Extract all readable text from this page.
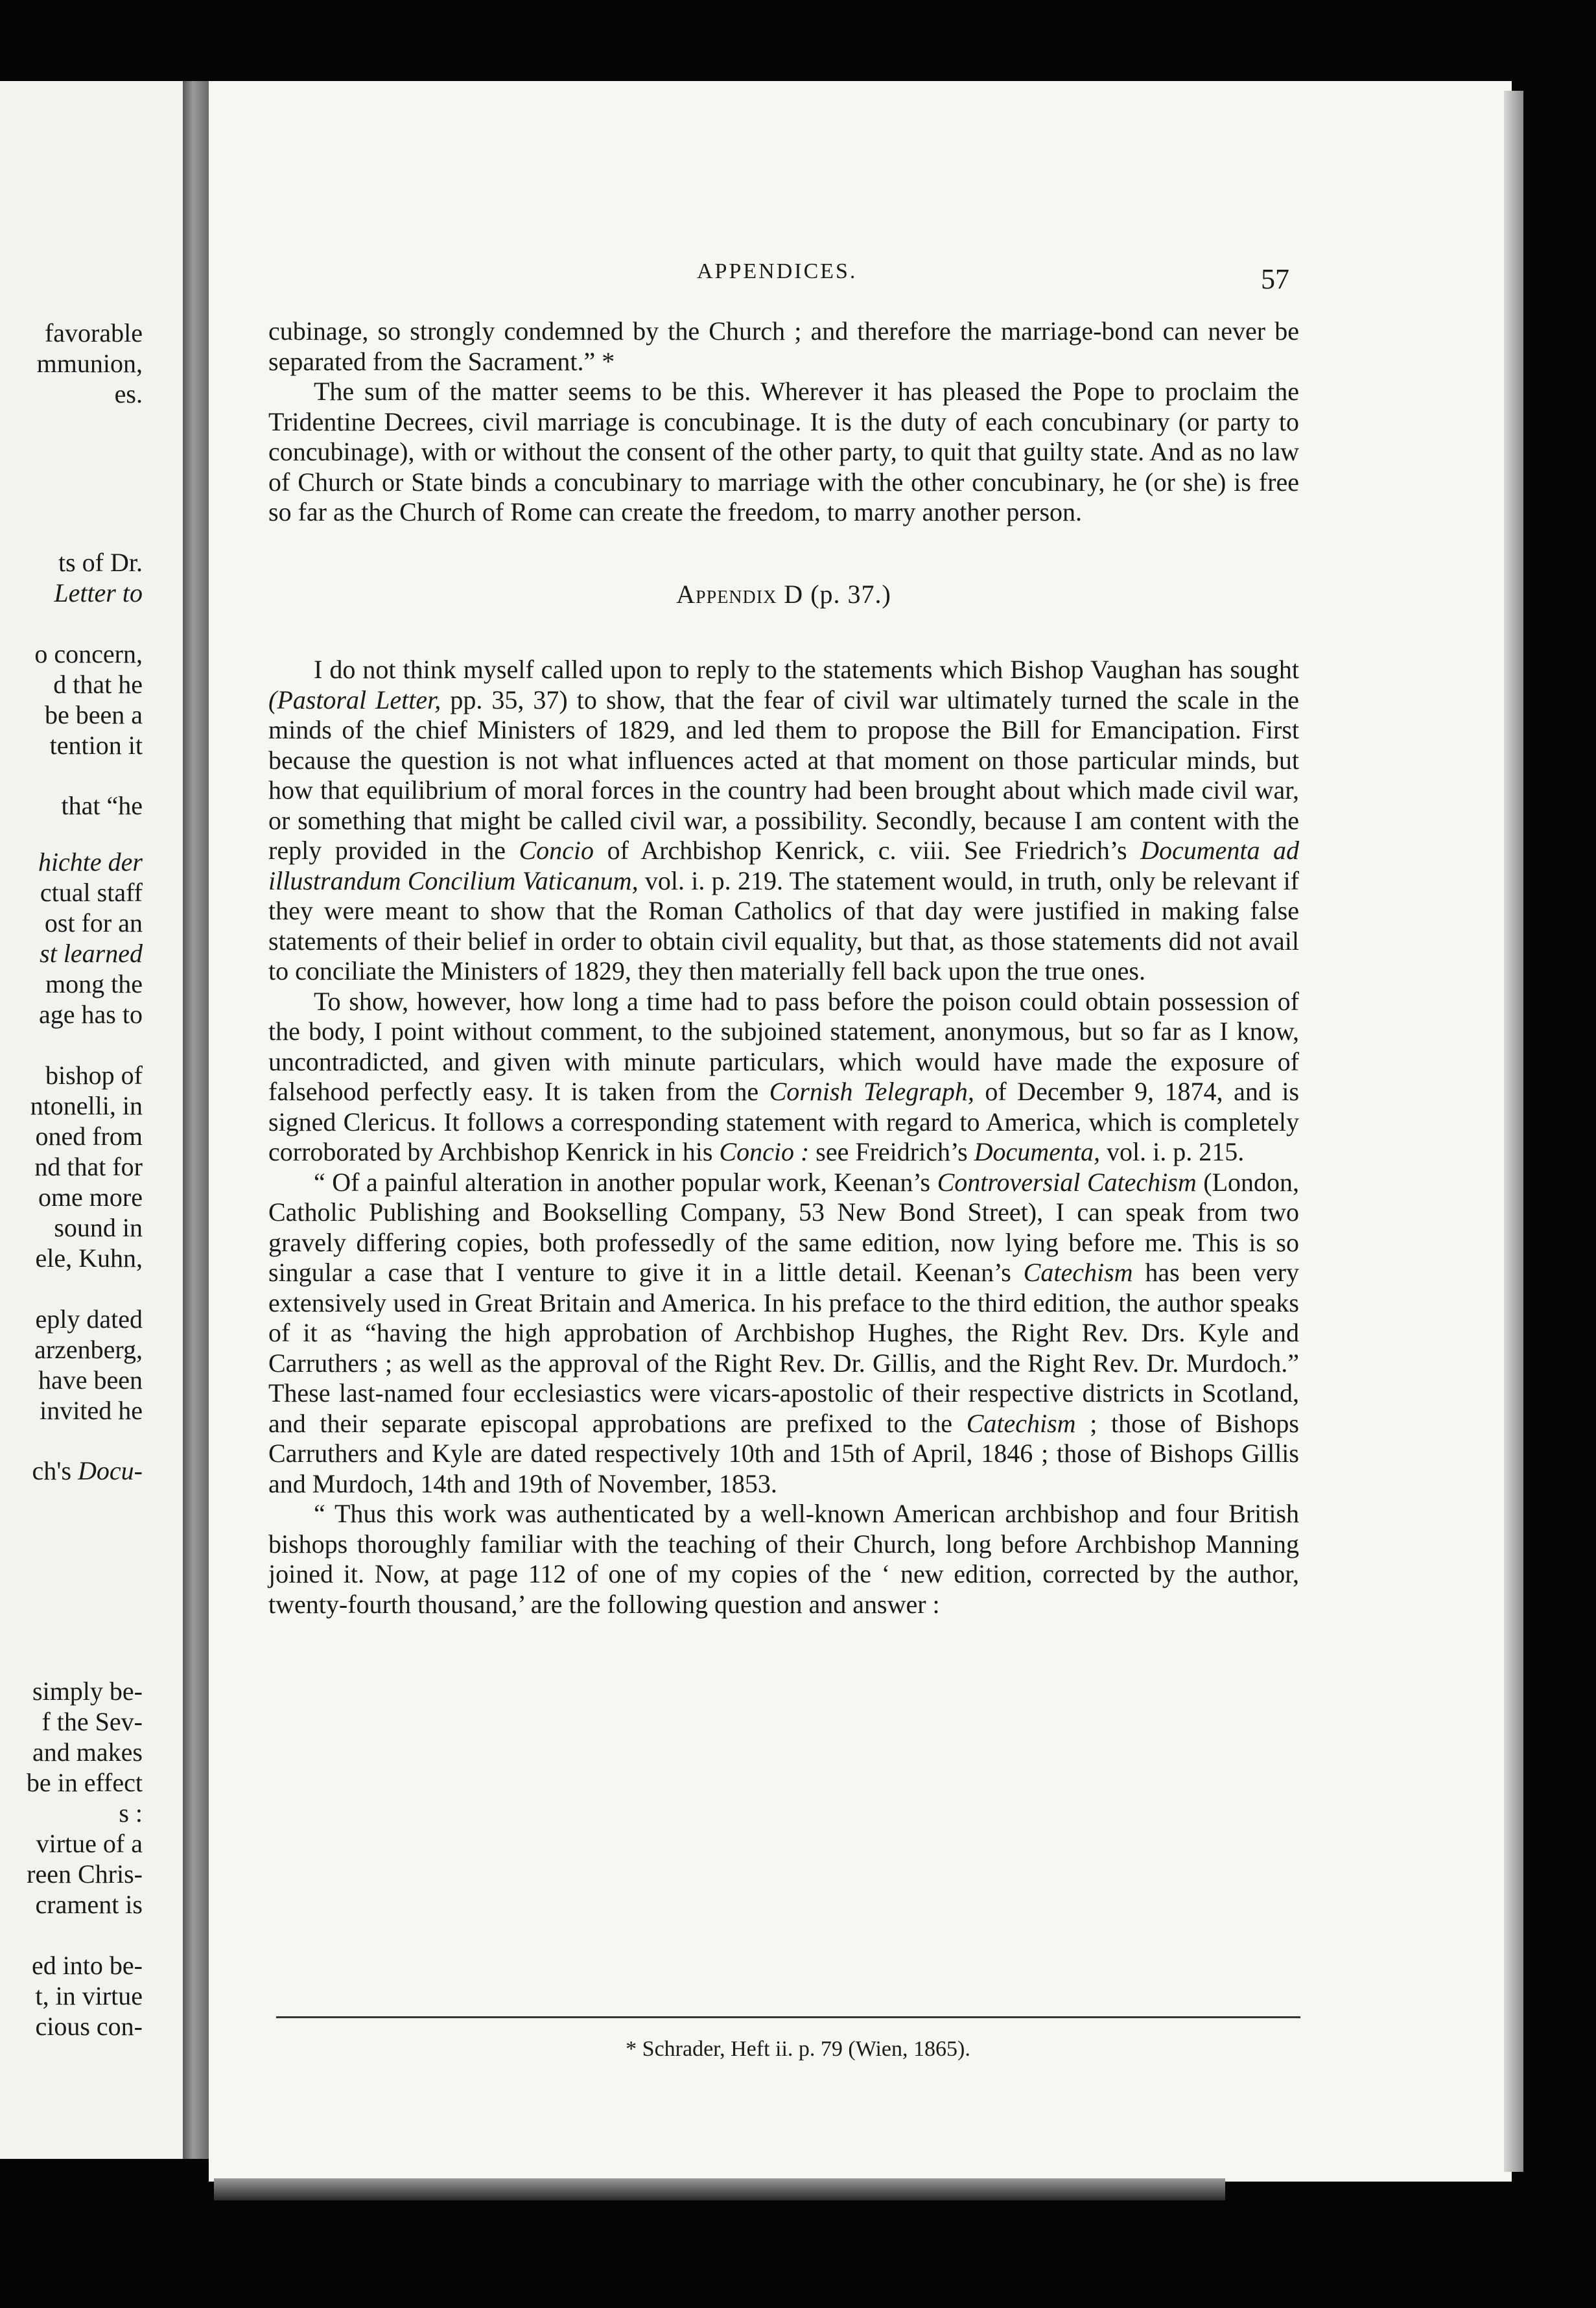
favorable
mmunion,
es.
ts of Dr.
Letter to
o concern,
d that he
be been a
tention it
that “he
hichte der
ctual staff
ost for an
st learned
mong the
age has to
bishop of
ntonelli, in
oned from
nd that for
ome more
sound in
ele, Kuhn,
eply dated
arzenberg,
have been
invited he
ch's Docu-
simply be-
f the Sev-
and makes
be in effect
s :
virtue of a
reen Chris-
crament is
ed into be-
t, in virtue
cious con-
APPENDICES.	57

cubinage, so strongly condemned by the Church ; and therefore the marriage-bond can never be separated from the Sacrament.” *

The sum of the matter seems to be this. Wherever it has pleased the Pope to proclaim the Tridentine Decrees, civil marriage is concubinage. It is the duty of each concubinary (or party to concubinage), with or without the consent of the other party, to quit that guilty state. And as no law of Church or State binds a concubinary to marriage with the other concubinary, he (or she) is free so far as the Church of Rome can create the freedom, to marry another person.

Appendix D (p. 37.)

I do not think myself called upon to reply to the statements which Bishop Vaughan has sought (Pastoral Letter, pp. 35, 37) to show, that the fear of civil war ultimately turned the scale in the minds of the chief Ministers of 1829, and led them to propose the Bill for Emancipation. First because the question is not what influences acted at that moment on those particular minds, but how that equilibrium of moral forces in the country had been brought about which made civil war, or something that might be called civil war, a possibility. Secondly, because I am content with the reply provided in the Concio of Archbishop Kenrick, c. viii. See Friedrich’s Documenta ad illustrandum Concilium Vaticanum, vol. i. p. 219. The statement would, in truth, only be relevant if they were meant to show that the Roman Catholics of that day were justified in making false statements of their belief in order to obtain civil equality, but that, as those statements did not avail to conciliate the Ministers of 1829, they then materially fell back upon the true ones.

To show, however, how long a time had to pass before the poison could obtain possession of the body, I point without comment, to the subjoined statement, anonymous, but so far as I know, uncontradicted, and given with minute particulars, which would have made the exposure of falsehood perfectly easy. It is taken from the Cornish Telegraph, of December 9, 1874, and is signed Clericus. It follows a corresponding statement with regard to America, which is completely corroborated by Archbishop Kenrick in his Concio : see Freidrich’s Documenta, vol. i. p. 215.

“ Of a painful alteration in another popular work, Keenan’s Controversial Catechism (London, Catholic Publishing and Bookselling Company, 53 New Bond Street), I can speak from two gravely differing copies, both professedly of the same edition, now lying before me. This is so singular a case that I venture to give it in a little detail. Keenan’s Catechism has been very extensively used in Great Britain and America. In his preface to the third edition, the author speaks of it as “having the high approbation of Archbishop Hughes, the Right Rev. Drs. Kyle and Carruthers ; as well as the approval of the Right Rev. Dr. Gillis, and the Right Rev. Dr. Murdoch.” These last-named four ecclesiastics were vicars-apostolic of their respective districts in Scotland, and their separate episcopal approbations are prefixed to the Catechism ; those of Bishops Carruthers and Kyle are dated respectively 10th and 15th of April, 1846 ; those of Bishops Gillis and Murdoch, 14th and 19th of November, 1853.

“ Thus this work was authenticated by a well-known American archbishop and four British bishops thoroughly familiar with the teaching of their Church, long before Archbishop Manning joined it. Now, at page 112 of one of my copies of the ‘ new edition, corrected by the author, twenty-fourth thousand,’ are the following question and answer :

* Schrader, Heft ii. p. 79 (Wien, 1865).
